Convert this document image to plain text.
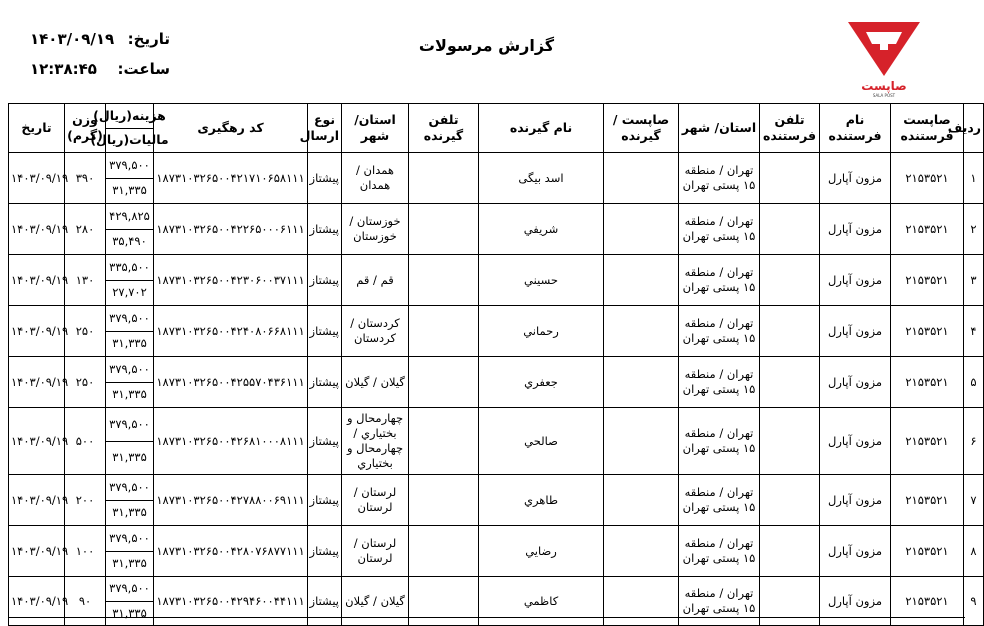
۱۴۰۳/۰۹/۱۹ تاریخ:
۱۲:۳۸:۴۵ ساعت:
گزارش مرسولات
صاپست
SALA POST
ردیف	صاپست فرستنده	نام فرستنده	تلفن فرستنده	استان/ شهر	صاپست / گیرنده	نام گیرنده	تلفن گیرنده	استان/ شهر	نوع ارسال	کد رهگیری	هزینه(ریال)
مالیات(ریال)	وزن (گرم)	تاریخ
۱	۲۱۵۳۵۲۱	مزون آپارل		تهران / منطقه ۱۵ پستی تهران		اسد بیگی		همدان / همدان	پیشتاز	۱۸۷۳۱۰۳۲۶۵۰۰۴۲۱۷۱۰۶۵۸۱۱۱	۳۷۹,۵۰۰
۳۱,۳۳۵	۳۹۰	۱۴۰۳/۰۹/۱۹
۲	۲۱۵۳۵۲۱	مزون آپارل		تهران / منطقه ۱۵ پستی تهران		شریفي		خوزستان / خوزستان	پیشتاز	۱۸۷۳۱۰۳۲۶۵۰۰۴۲۲۶۵۰۰۰۶۱۱۱	۴۲۹,۸۲۵
۳۵,۴۹۰	۲۸۰	۱۴۰۳/۰۹/۱۹
۳	۲۱۵۳۵۲۱	مزون آپارل		تهران / منطقه ۱۵ پستی تهران		حسیني		قم / قم	پیشتاز	۱۸۷۳۱۰۳۲۶۵۰۰۴۲۳۰۶۰۰۳۷۱۱۱	۳۳۵,۵۰۰
۲۷,۷۰۲	۱۳۰	۱۴۰۳/۰۹/۱۹
۴	۲۱۵۳۵۲۱	مزون آپارل		تهران / منطقه ۱۵ پستی تهران		رحماني		کردستان / کردستان	پیشتاز	۱۸۷۳۱۰۳۲۶۵۰۰۴۲۴۰۸۰۶۶۸۱۱۱	۳۷۹,۵۰۰
۳۱,۳۳۵	۲۵۰	۱۴۰۳/۰۹/۱۹
۵	۲۱۵۳۵۲۱	مزون آپارل		تهران / منطقه ۱۵ پستی تهران		جعفري		گیلان / گیلان	پیشتاز	۱۸۷۳۱۰۳۲۶۵۰۰۴۲۵۵۷۰۴۳۶۱۱۱	۳۷۹,۵۰۰
۳۱,۳۳۵	۲۵۰	۱۴۰۳/۰۹/۱۹
۶	۲۱۵۳۵۲۱	مزون آپارل		تهران / منطقه ۱۵ پستی تهران		صالحي		چهارمحال و بختیاري / چهارمحال و بختیاري	پیشتاز	۱۸۷۳۱۰۳۲۶۵۰۰۴۲۶۸۱۰۰۰۸۱۱۱	۳۷۹,۵۰۰
۳۱,۳۳۵	۵۰۰	۱۴۰۳/۰۹/۱۹
۷	۲۱۵۳۵۲۱	مزون آپارل		تهران / منطقه ۱۵ پستی تهران		طاهري		لرستان / لرستان	پیشتاز	۱۸۷۳۱۰۳۲۶۵۰۰۴۲۷۸۸۰۰۶۹۱۱۱	۳۷۹,۵۰۰
۳۱,۳۳۵	۲۰۰	۱۴۰۳/۰۹/۱۹
۸	۲۱۵۳۵۲۱	مزون آپارل		تهران / منطقه ۱۵ پستی تهران		رضایي		لرستان / لرستان	پیشتاز	۱۸۷۳۱۰۳۲۶۵۰۰۴۲۸۰۷۶۸۷۷۱۱۱	۳۷۹,۵۰۰
۳۱,۳۳۵	۱۰۰	۱۴۰۳/۰۹/۱۹
۹	۲۱۵۳۵۲۱	مزون آپارل		تهران / منطقه ۱۵ پستی تهران		کاظمي		گیلان / گیلان	پیشتاز	۱۸۷۳۱۰۳۲۶۵۰۰۴۲۹۴۶۰۰۴۴۱۱۱	۳۷۹,۵۰۰
۳۱,۳۳۵	۹۰	۱۴۰۳/۰۹/۱۹
